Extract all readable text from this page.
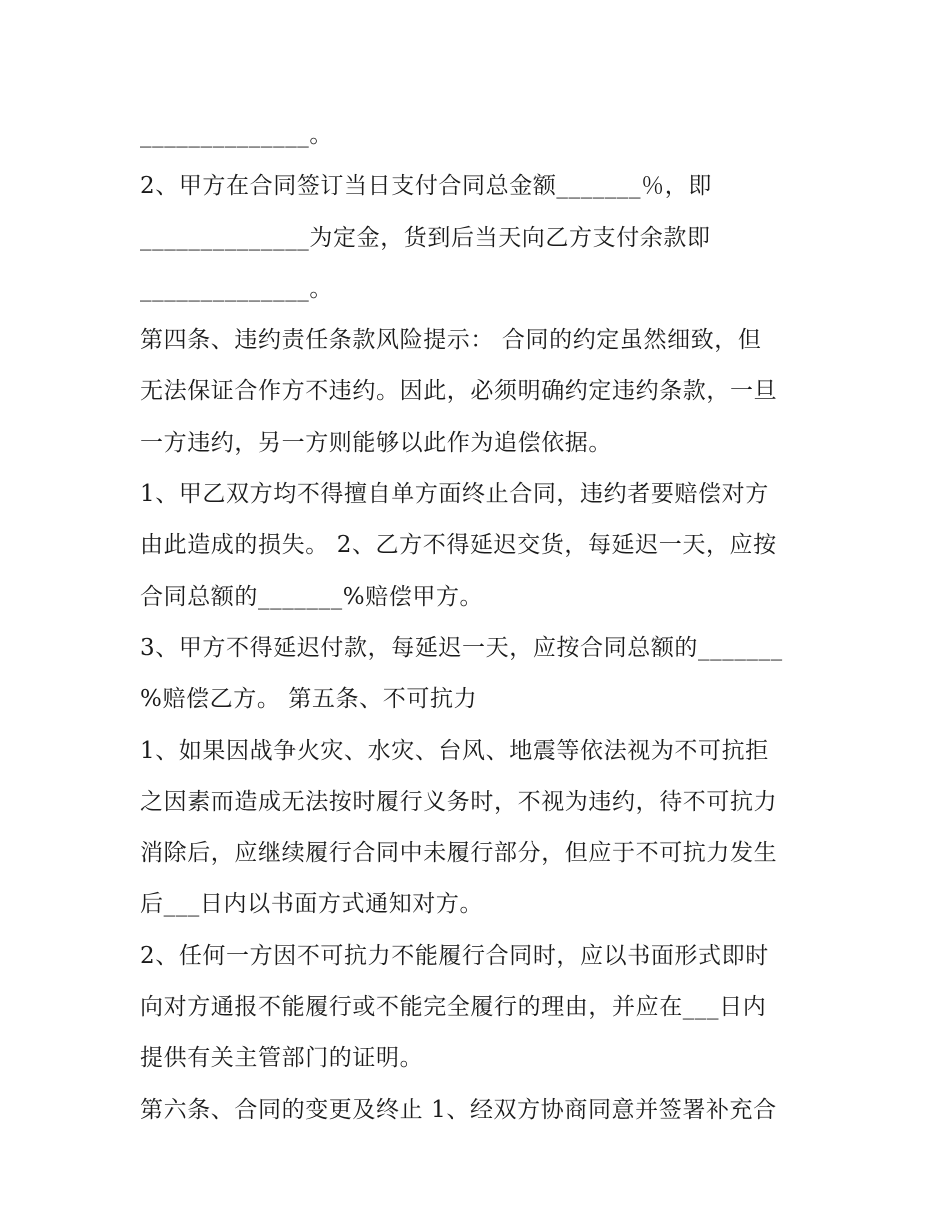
______________。
2、甲方在合同签订当日支付合同总金额_______％，即
______________为定金，货到后当天向乙方支付余款即
______________。
第四条、违约责任条款风险提示： 合同的约定虽然细致，但
无法保证合作方不违约。因此，必须明确约定违约条款，一旦
一方违约，另一方则能够以此作为追偿依据。
1、甲乙双方均不得擅自单方面终止合同，违约者要赔偿对方
由此造成的损失。 2、乙方不得延迟交货，每延迟一天，应按
合同总额的_______%赔偿甲方。
3、甲方不得延迟付款，每延迟一天，应按合同总额的_______
%赔偿乙方。 第五条、不可抗力
1、如果因战争火灾、水灾、台风、地震等依法视为不可抗拒
之因素而造成无法按时履行义务时，不视为违约，待不可抗力
消除后，应继续履行合同中未履行部分，但应于不可抗力发生
后___日内以书面方式通知对方。
2、任何一方因不可抗力不能履行合同时，应以书面形式即时
向对方通报不能履行或不能完全履行的理由，并应在___日内
提供有关主管部门的证明。
第六条、合同的变更及终止 1、经双方协商同意并签署补充合
